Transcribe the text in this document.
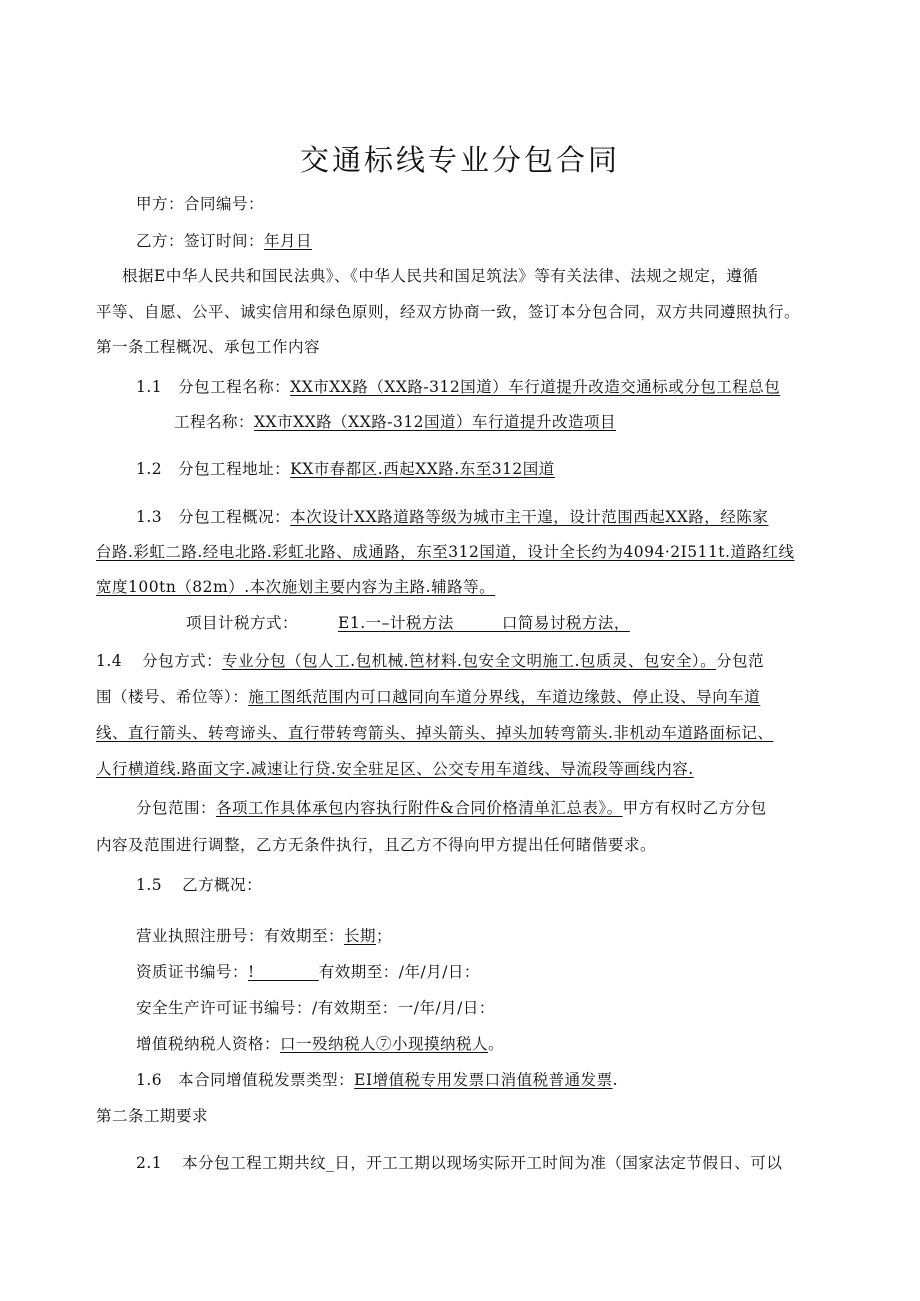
交通标线专业分包合同
甲方：合同编号：
乙方：签订时间：年月日
根据E中华人民共和国民法典》、《中华人民共和国足筑法》等有关法律、法规之规定，遵循
平等、自愿、公平、诚实信用和绿色原则，经双方协商一致，签订本分包合同，双方共同遵照执行。
第一条工程概况、承包工作内容
1.1 分包工程名称：XX市XX路（XX路-312国道）车行道提升改造交通标或分包工程总包
工程名称：XX市XX路（XX路-312国道）车行道提升改造项目
1.2 分包工程地址：KX市春都区.西起XX路.东至312国道
1.3 分包工程概况：本次设计XX路道路等级为城市主干遑，设计范围西起XX路，经陈家
台路.彩虹二路.经电北路.彩虹北路、成通路，东至312国道，设计全长约为4094·2I511t.道路红线
宽度100tn（82m）.本次施划主要内容为主路.辅路等。
项目计税方式：	E1.一–计税方法　　　口简易讨税方法，
1.4 分包方式：专业分包（包人工.包机械.笆材料.包安全文明施工.包质灵、包安全）。分包范
围（楼号、希位等）：施工图纸范围内可口越同向车道分界线，车道边缘鼓、停止设、导向车道
线、直行箭头、转弯谛头、直行带转弯箭头、掉头箭头、掉头加转弯箭头.非机动车道路面标记、
人行横道线.路面文字.减速让行贷.安全驻足区、公交专用车道线、导流段等画线内容.
分包范围：各项工作具体承包内容执行附件&合同价格清单汇总表》。甲方有权时乙方分包
内容及范围进行调整，乙方无条件执行，且乙方不得向甲方提出任何睹偕要求。
1.5 乙方概况：
营业执照注册号：有效期至：长期；
资质证书编号：!　　　　有效期至：/年/月/日：
安全生产许可证书编号：/有效期至：一/年/月/日：
增值税纳税人资格：口一殁纳税人⑦小现摸纳税人。
1.6 本合同增值税发票类型：EI增值税专用发票口消值税普通发票.
第二条工期要求
2.1 本分包工程工期共纹_日，开工工期以现场实际开工时间为准（国家法定节假日、可以
